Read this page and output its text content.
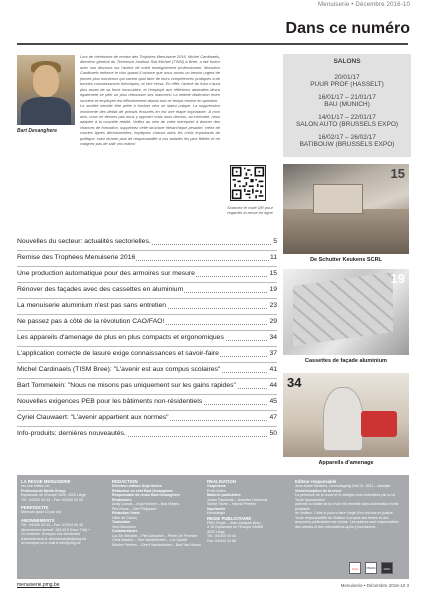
Menuiserie • Décembre 2016-10
Dans ce numéro
Bart Desanghere

Lors de cérémonie de remise des Trophées Menuiserie 2016, Michel Cardinaels, directeur général du Technisch Instituut Sint-Michiel (TISM) à Bree, a fait fureur avec son discours sur l'avenir de notre enseignement professionnel. Monsieur Cardinaels enfonce le clou quand il avance que nous avons un besoin urgent de jeunes plus nombreux qui savent quoi faire de leurs compétences pratiques à de bonnes connaissances théoriques, et vice versa. En effet, l'avenir du futur n'aura plus assez de sa force musculaire, et l'employé aux réflexions abstraites devra également se plier un plus retrousser ses manches! La netteté distinction entre ouvriers et employés est effectivement depuis tout ce temps remise en question.

La société semble être prête à évoluer vers un statut unique. La suppression imminente des délais de préavis écourtés en est une étape importante. À mon avis, nous ne devons pas nous y opposer mais nous devons, au contraire, nous adapter à la nouvelle réalité. Veillez au sein de votre entreprise à donner des chances de formation, supprimez cette structure hiérarchique pesante, créez de courtes lignes décisionnelles, impliquez chacun dans les choix importants de politique, osez donner plus de responsabilité à vos salariés les plus fidèles et ne craignez pas de salir vos mains!

Scannez le code QR pour regarder la revue en ligne
SALONS
20/01/17
PUUR PROF (HASSELT)
16/01/17 – 21/01/17
BAU (MUNICH)
14/01/17 – 22/01/17
SALON AUTO (BRUSSELS EXPO)
16/02/17 – 26/02/17
BATIBOUW (BRUSSELS EXPO)
Nouvelles du secteur: actualités sectorielles.	5
Remise des Trophées Menuiserie 2016	11
Une production automatique pour des armoires sur mesure	15
Rénover des façades avec des cassettes en aluminium	19
La menuiserie aluminium n'est pas sans entretien	23
Ne passez pas à côté de la révolution CAO/FAO!	29
Les appareils d'amenage de plus en plus compacts et ergonomiques	34
L'application correcte de lasure exige connaissances et savoir-faire	37
Michel Cardinaels (TISM Bree): "L'avenir est aux compus scolaires"	41
Bart Tommelein: "Nous ne misons pas uniquement sur les gains rapides"	44
Nouvelles exigences PEB pour les bâtiments non-résidentiels	45
Cyriel Clauwaert: "L'avenir appartient aux normes"	47
Info-produits: dernières nouveautés.	50
15
De Schutter Keukens SCRL
19
Cassettes de façade aluminium
34
Appareils d'amenage
LA REVUE MENUISERIE
est une édition de
Professional Media Group
Esplanade de l'Europe 2A/B, 4020 Liège
Tél.: 04/340 04 44 – Fax: 04/340 04 50
PERIODICITE
Mensuel (sauf 10 par an)
ABONNEMENTS
Tél.: 04/340 04 44 – Fax: 070/24 06 45
Abonnement annuel: 100,00 € (hors TVA) +
10 numéros. Envoyez vos demandes
d'abonnement à: abonnements@pmg.be
ou envoyez un e-mail à info@pmg.be
REDACTION
Directeur-éditeur Anja Hoens
Rédacteur en chef Bart Desanghere
Responsable de revue Bart Desanghere
Rédacteurs
Andy Camps – Anja Hoeven – Bas Vlaeps
Piet Kreus – Gert Phlipsaert
Rédaction finale
Hilde de Clercq
Traduction
Vera Baumann
Collaborateurs
Luc De Meulder – Piet Debacker – Pieter De Preester
Chris Masten – Tom Vanderlinden – Luc Opdelt
Wouter Peeters – Geert Vanderlinden – Bart Van Hoven
REALISATION
Graphisme
Profi-Cellen
Matériel publicitaire
Johan Flaxborde – Annelies Delecroix
Sarine Sturm – Hanna Peeters
Imprimerie
Hoonhinglo
REGIE PUBLICITAIRE
PMG Regie – Jean-Jacques Breu
A 16 Esplanade de l'Europe 2A/B/8
4020 Liège
Tél.: 04/340 04 44
Fax: 04/340 04 88
Editeur responsable
Jean-Marie Mertens, Liermolegang Zuid 31, 8211 – Aartrijke
Vente/réception de la revue
La présence de la revue et le désigne sont autorisées par la loi. Toute reproduction
partielle ou totale de la revue est interdite sans autorisation écrite préalable
de l'éditeur. Celle-ci pourra faire l'objet d'un recours en justice.
Toute responsabilité de l'éditeur à propos des textes et des
annonces publicitaires est exclue. Les auteurs sont responsables
des articles et des informations qu'ils y fournissent.
Fed	PRESS	GOC
menuiserie.pmg.be	Menuiserie • Décembre 2016-10 3
